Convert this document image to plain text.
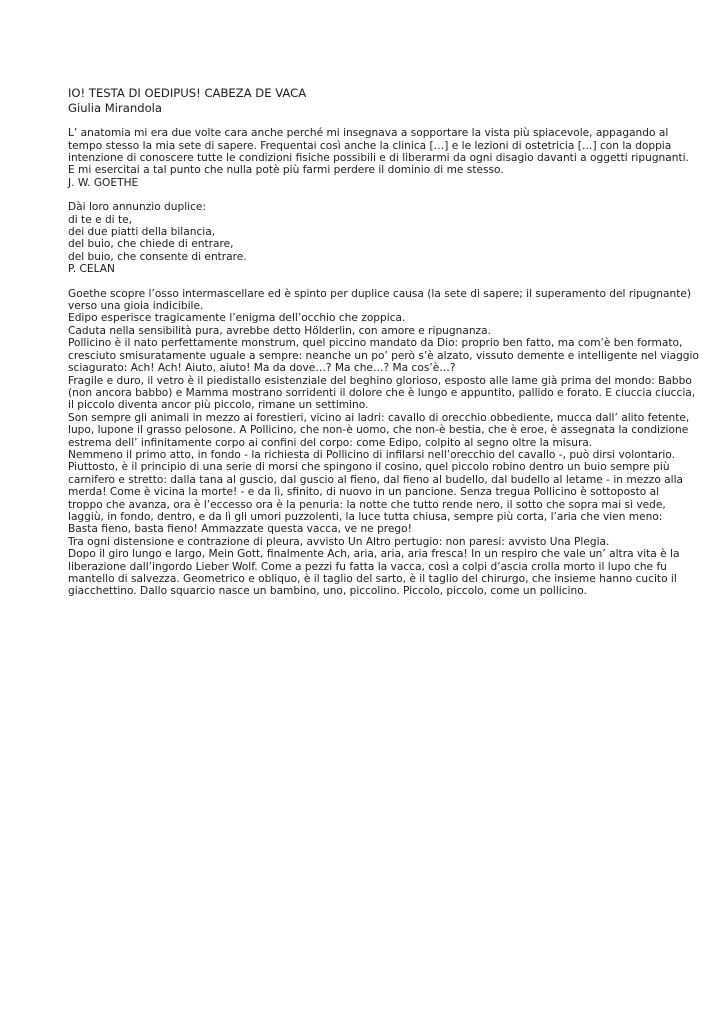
IO! TESTA DI OEDIPUS! CABEZA DE VACA
Giulia Mirandola
L’ anatomia mi era due volte cara anche perché mi insegnava a sopportare la vista più spiacevole, appagando al
tempo stesso la mia sete di sapere. Frequentai così anche la clinica […] e le lezioni di ostetricia […] con la doppia
intenzione di conoscere tutte le condizioni fisiche possibili e di liberarmi da ogni disagio davanti a oggetti ripugnanti.
E mi esercitai a tal punto che nulla potè più farmi perdere il dominio di me stesso.
J. W. GOETHE
Dài loro annunzio duplice:
di te e di te,
dei due piatti della bilancia,
del buio, che chiede di entrare,
del buio, che consente di entrare.
P. CELAN
Goethe scopre l’osso intermascellare ed è spinto per duplice causa (la sete di sapere; il superamento del ripugnante)
verso una gioia indicibile.
Edipo esperisce tragicamente l’enigma dell’occhio che zoppica.
Caduta nella sensibilità pura, avrebbe detto Hölderlin, con amore e ripugnanza.
Pollicino è il nato perfettamente monstrum, quel piccino mandato da Dio: proprio ben fatto, ma com’è ben formato,
cresciuto smisuratamente uguale a sempre: neanche un po’ però s’è alzato, vissuto demente e intelligente nel viaggio
sciagurato: Ach! Ach! Aiuto, aiuto! Ma da dove…? Ma che…? Ma cos’è…?
Fragile e duro, il vetro è il piedistallo esistenziale del beghino glorioso, esposto alle lame già prima del mondo: Babbo
(non ancora babbo) e Mamma mostrano sorridenti il dolore che è lungo e appuntito, pallido e forato. E ciuccia ciuccia,
il piccolo diventa ancor più piccolo, rimane un settimino.
Son sempre gli animali in mezzo ai forestieri, vicino ai ladri: cavallo di orecchio obbediente, mucca dall’ alito fetente,
lupo, lupone il grasso pelosone. A Pollicino, che non-è uomo, che non-è bestia, che è eroe, è assegnata la condizione
estrema dell’ infinitamente corpo ai confini del corpo: come Edipo, colpito al segno oltre la misura.
Nemmeno il primo atto, in fondo - la richiesta di Pollicino di infilarsi nell’orecchio del cavallo -, può dirsi volontario.
Piuttosto, è il principio di una serie di morsi che spingono il cosino, quel piccolo robino dentro un buio sempre più
carnifero e stretto: dalla tana al guscio, dal guscio al fieno, dal fieno al budello, dal budello al letame - in mezzo alla
merda! Come è vicina la morte! - e da lì, sfinito, di nuovo in un pancione. Senza tregua Pollicino è sottoposto al
troppo che avanza, ora è l’eccesso ora è la penuria: la notte che tutto rende nero, il sotto che sopra mai si vede,
laggiù, in fondo, dentro, e da lì gli umori puzzolenti, la luce tutta chiusa, sempre più corta, l’aria che vien meno:
Basta fieno, basta fieno! Ammazzate questa vacca, ve ne prego!
Tra ogni distensione e contrazione di pleura, avvisto Un Altro pertugio: non paresi: avvisto Una Plegia.
Dopo il giro lungo e largo, Mein Gott, finalmente Ach, aria, aria, aria fresca! In un respiro che vale un’ altra vita è la
liberazione dall’ingordo Lieber Wolf. Come a pezzi fu fatta la vacca, così a colpi d’ascia crolla morto il lupo che fu
mantello di salvezza. Geometrico e obliquo, è il taglio del sarto, è il taglio del chirurgo, che insieme hanno cucito il
giacchettino. Dallo squarcio nasce un bambino, uno, piccolino. Piccolo, piccolo, come un pollicino.
